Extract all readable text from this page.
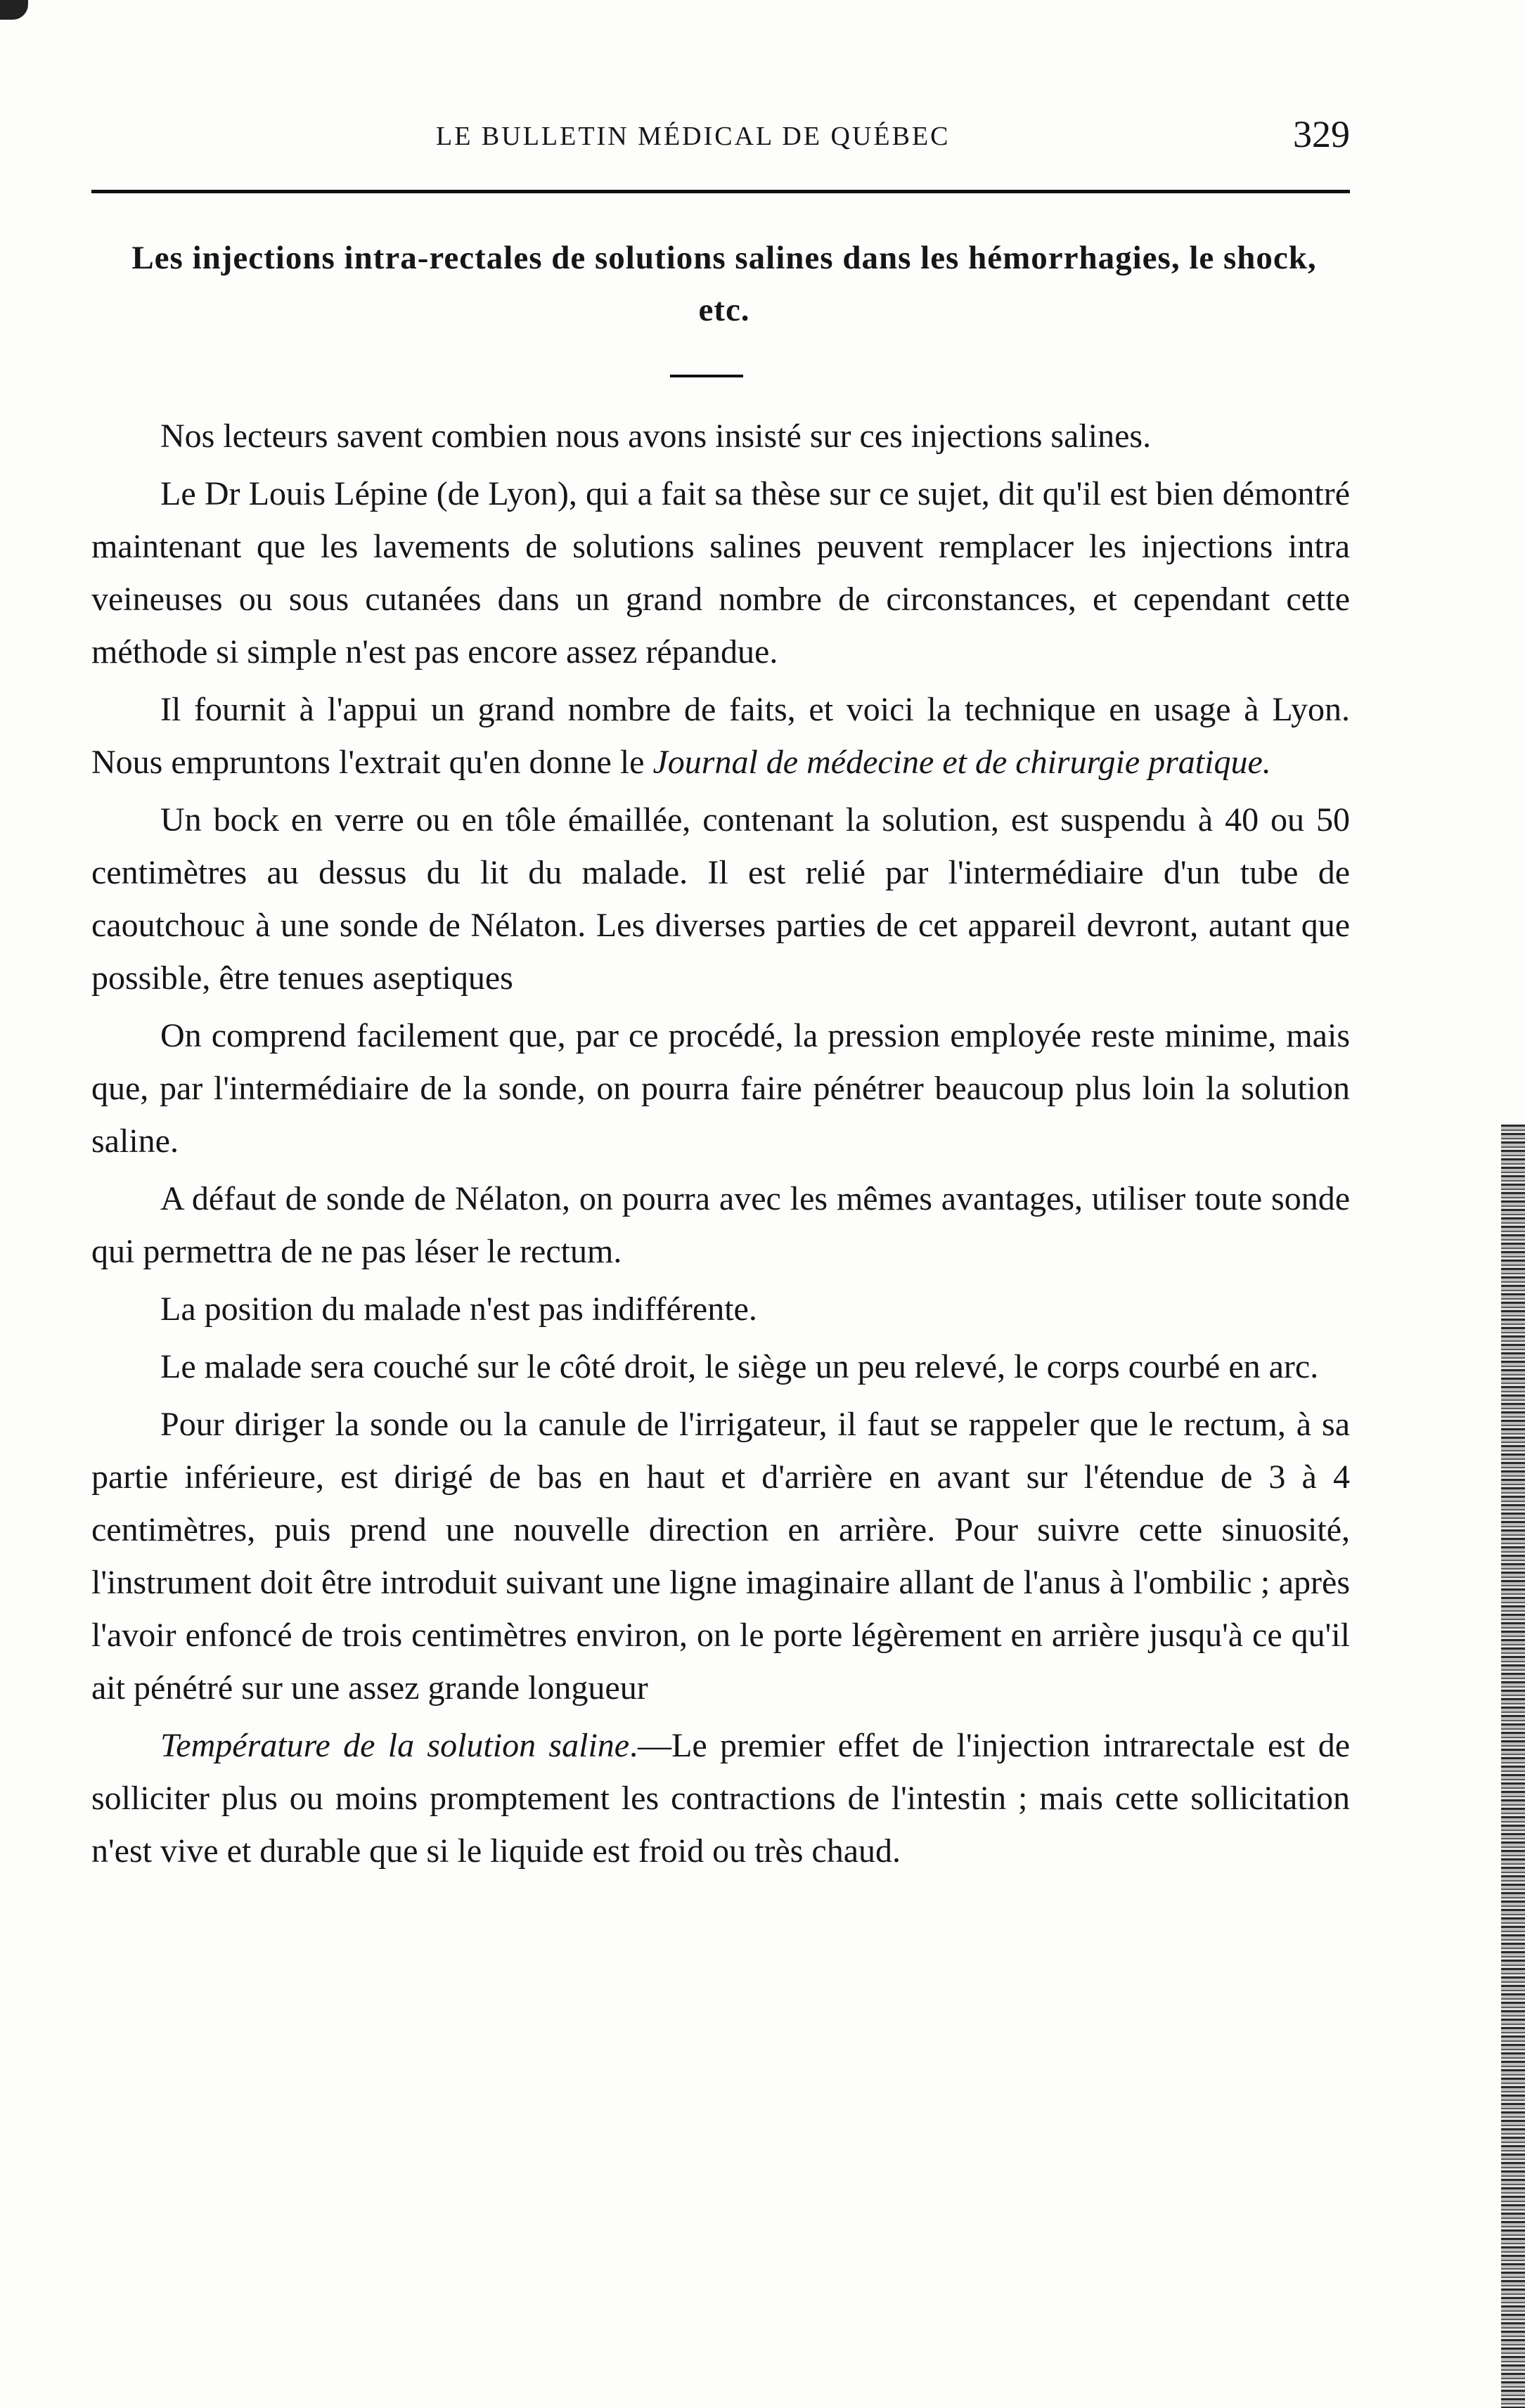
LE BULLETIN MÉDICAL DE QUÉBEC	329
Les injections intra-rectales de solutions salines dans les hémorrhagies, le shock, etc.

Nos lecteurs savent combien nous avons insisté sur ces injections salines.

Le Dr Louis Lépine (de Lyon), qui a fait sa thèse sur ce sujet, dit qu'il est bien démontré maintenant que les lavements de solutions salines peuvent remplacer les injections intra veineuses ou sous cutanées dans un grand nombre de circonstances, et cependant cette méthode si simple n'est pas encore assez répandue.

Il fournit à l'appui un grand nombre de faits, et voici la technique en usage à Lyon. Nous empruntons l'extrait qu'en donne le Journal de médecine et de chirurgie pratique.

Un bock en verre ou en tôle émaillée, contenant la solution, est suspendu à 40 ou 50 centimètres au dessus du lit du malade. Il est relié par l'intermédiaire d'un tube de caoutchouc à une sonde de Nélaton. Les diverses parties de cet appareil devront, autant que possible, être tenues aseptiques

On comprend facilement que, par ce procédé, la pression employée reste minime, mais que, par l'intermédiaire de la sonde, on pourra faire pénétrer beaucoup plus loin la solution saline.

A défaut de sonde de Nélaton, on pourra avec les mêmes avantages, utiliser toute sonde qui permettra de ne pas léser le rectum.

La position du malade n'est pas indifférente.

Le malade sera couché sur le côté droit, le siège un peu relevé, le corps courbé en arc.

Pour diriger la sonde ou la canule de l'irrigateur, il faut se rappeler que le rectum, à sa partie inférieure, est dirigé de bas en haut et d'arrière en avant sur l'étendue de 3 à 4 centimètres, puis prend une nouvelle direction en arrière. Pour suivre cette sinuosité, l'instrument doit être introduit suivant une ligne imaginaire allant de l'anus à l'ombilic ; après l'avoir enfoncé de trois centimètres environ, on le porte légèrement en arrière jusqu'à ce qu'il ait pénétré sur une assez grande longueur

Température de la solution saline.—Le premier effet de l'injection intrarectale est de solliciter plus ou moins promptement les contractions de l'intestin ; mais cette sollicitation n'est vive et durable que si le liquide est froid ou très chaud.
